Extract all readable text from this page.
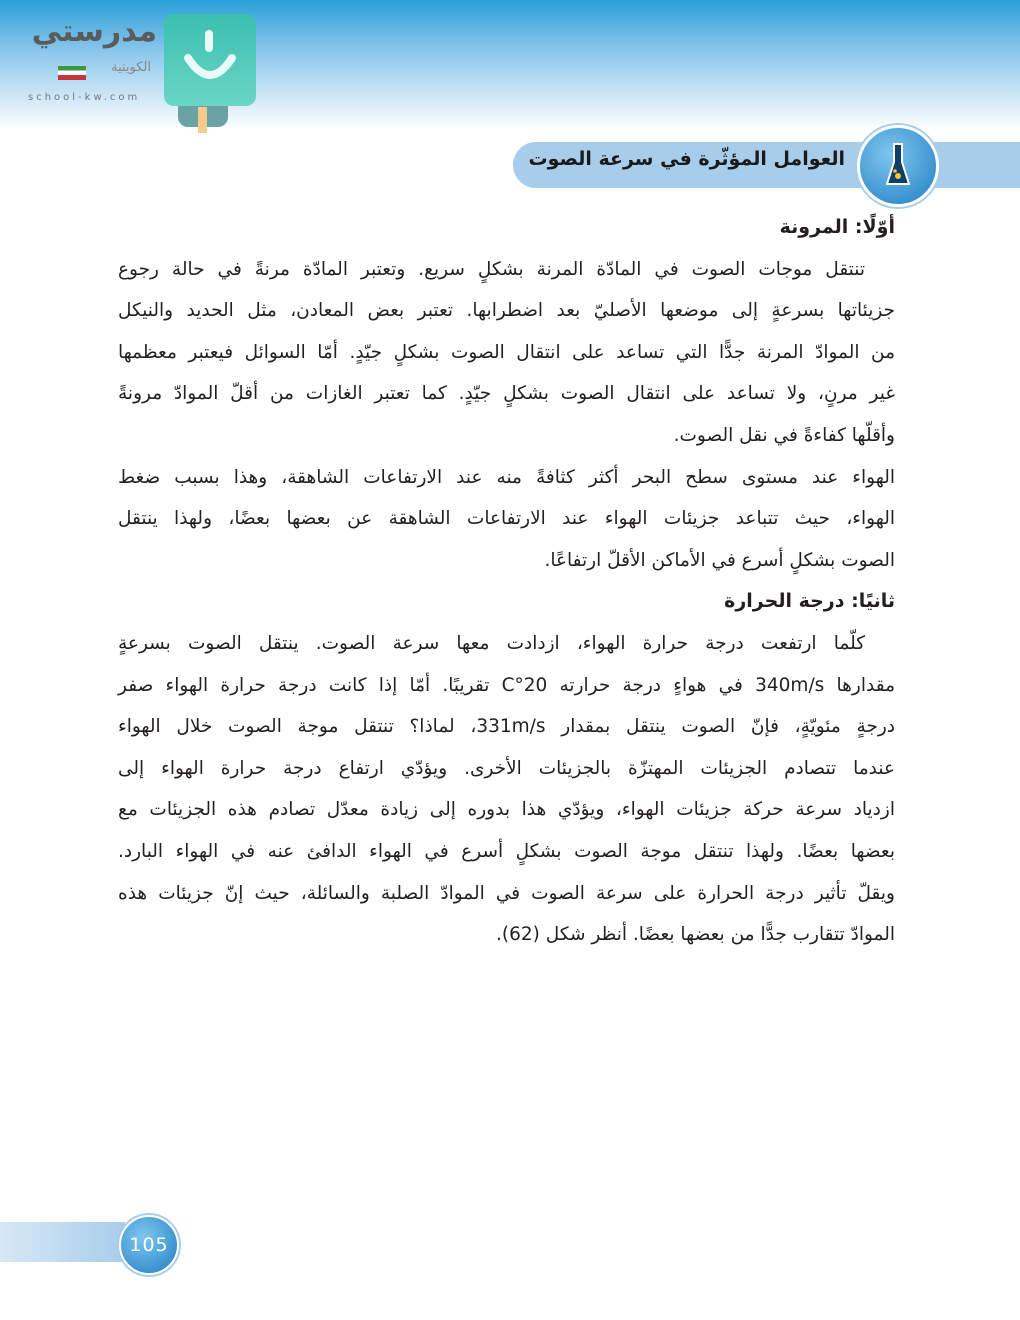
مدرستي
الكويتية
school-kw.com
العوامل المؤثّرة في سرعة الصوت
أوّلًا: المرونة
تنتقل موجات الصوت في المادّة المرنة بشكلٍ سريع. وتعتبر المادّة مرنةً في حالة رجوع
جزيئاتها بسرعةٍ إلى موضعها الأصليّ بعد اضطرابها. تعتبر بعض المعادن، مثل الحديد والنيكل
من الموادّ المرنة جدًّا التي تساعد على انتقال الصوت بشكلٍ جيّدٍ. أمّا السوائل فيعتبر معظمها
غير مرنٍ، ولا تساعد على انتقال الصوت بشكلٍ جيّدٍ. كما تعتبر الغازات من أقلّ الموادّ مرونةً
وأقلّها كفاءةً في نقل الصوت.
الهواء عند مستوى سطح البحر أكثر كثافةً منه عند الارتفاعات الشاهقة، وهذا بسبب ضغط
الهواء، حيث تتباعد جزيئات الهواء عند الارتفاعات الشاهقة عن بعضها بعضًا، ولهذا ينتقل
الصوت بشكلٍ أسرع في الأماكن الأقلّ ارتفاعًا.
ثانيًا: درجة الحرارة
كلّما ارتفعت درجة حرارة الهواء، ازدادت معها سرعة الصوت. ينتقل الصوت بسرعةٍ
مقدارها 340m/s في هواءٍ درجة حرارته 20°C تقريبًا. أمّا إذا كانت درجة حرارة الهواء صفر
درجةٍ مئويّةٍ، فإنّ الصوت ينتقل بمقدار 331m/s، لماذا؟ تنتقل موجة الصوت خلال الهواء
عندما تتصادم الجزيئات المهتزّة بالجزيئات الأخرى. ويؤدّي ارتفاع درجة حرارة الهواء إلى
ازدياد سرعة حركة جزيئات الهواء، ويؤدّي هذا بدوره إلى زيادة معدّل تصادم هذه الجزيئات مع
بعضها بعضًا. ولهذا تنتقل موجة الصوت بشكلٍ أسرع في الهواء الدافئ عنه في الهواء البارد.
ويقلّ تأثير درجة الحرارة على سرعة الصوت في الموادّ الصلبة والسائلة، حيث إنّ جزيئات هذه
الموادّ تتقارب جدًّا من بعضها بعضًا. أنظر شكل (62).
105
